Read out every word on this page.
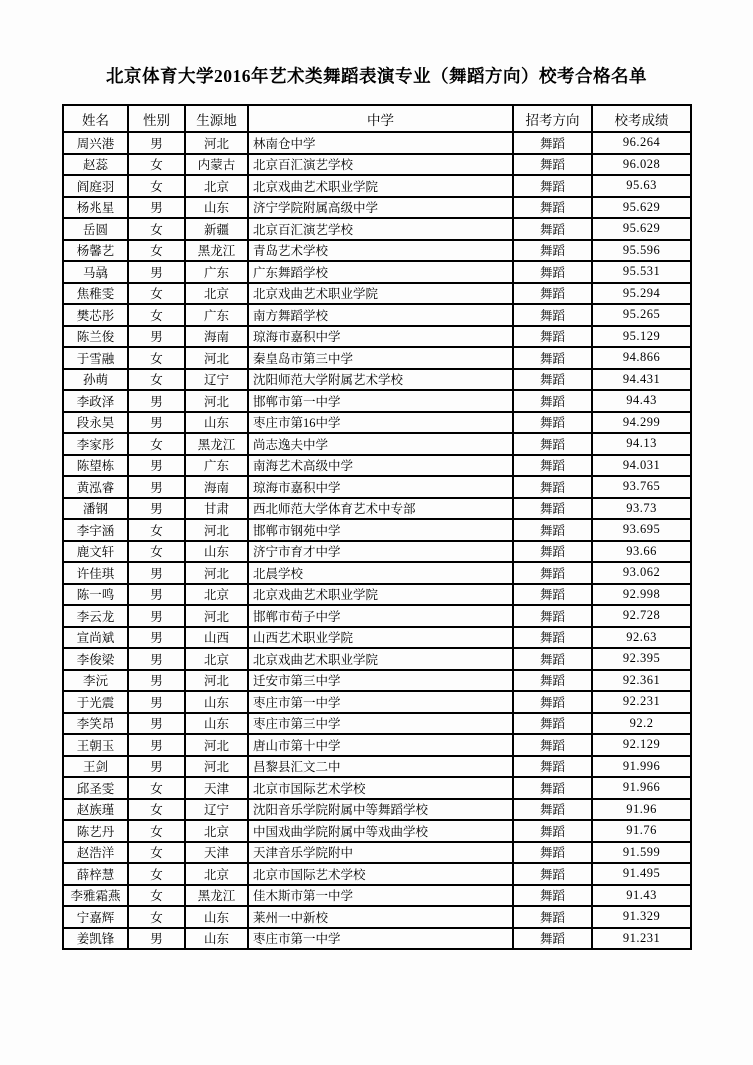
北京体育大学2016年艺术类舞蹈表演专业（舞蹈方向）校考合格名单
姓名	性别	生源地	中学	招考方向	校考成绩
周兴港	男	河北	林南仓中学	舞蹈	96.264
赵蕊	女	内蒙古	北京百汇演艺学校	舞蹈	96.028
阎庭羽	女	北京	北京戏曲艺术职业学院	舞蹈	95.63
杨兆星	男	山东	济宁学院附属高级中学	舞蹈	95.629
岳圆	女	新疆	北京百汇演艺学校	舞蹈	95.629
杨馨艺	女	黑龙江	青岛艺术学校	舞蹈	95.596
马骉	男	广东	广东舞蹈学校	舞蹈	95.531
焦稚雯	女	北京	北京戏曲艺术职业学院	舞蹈	95.294
樊芯彤	女	广东	南方舞蹈学校	舞蹈	95.265
陈兰俊	男	海南	琼海市嘉积中学	舞蹈	95.129
于雪融	女	河北	秦皇岛市第三中学	舞蹈	94.866
孙萌	女	辽宁	沈阳师范大学附属艺术学校	舞蹈	94.431
李政泽	男	河北	邯郸市第一中学	舞蹈	94.43
段永昊	男	山东	枣庄市第16中学	舞蹈	94.299
李家彤	女	黑龙江	尚志逸夫中学	舞蹈	94.13
陈望栋	男	广东	南海艺术高级中学	舞蹈	94.031
黄泓睿	男	海南	琼海市嘉积中学	舞蹈	93.765
潘钢	男	甘肃	西北师范大学体育艺术中专部	舞蹈	93.73
李宇涵	女	河北	邯郸市钢苑中学	舞蹈	93.695
鹿文轩	女	山东	济宁市育才中学	舞蹈	93.66
许佳琪	男	河北	北晨学校	舞蹈	93.062
陈一鸣	男	北京	北京戏曲艺术职业学院	舞蹈	92.998
李云龙	男	河北	邯郸市荀子中学	舞蹈	92.728
宣尚斌	男	山西	山西艺术职业学院	舞蹈	92.63
李俊梁	男	北京	北京戏曲艺术职业学院	舞蹈	92.395
李沅	男	河北	迁安市第三中学	舞蹈	92.361
于光震	男	山东	枣庄市第一中学	舞蹈	92.231
李笑昂	男	山东	枣庄市第三中学	舞蹈	92.2
王朝玉	男	河北	唐山市第十中学	舞蹈	92.129
王剑	男	河北	昌黎县汇文二中	舞蹈	91.996
邱圣雯	女	天津	北京市国际艺术学校	舞蹈	91.966
赵族瑾	女	辽宁	沈阳音乐学院附属中等舞蹈学校	舞蹈	91.96
陈艺丹	女	北京	中国戏曲学院附属中等戏曲学校	舞蹈	91.76
赵浩洋	女	天津	天津音乐学院附中	舞蹈	91.599
薛梓慧	女	北京	北京市国际艺术学校	舞蹈	91.495
李雅霜燕	女	黑龙江	佳木斯市第一中学	舞蹈	91.43
宁嘉辉	女	山东	莱州一中新校	舞蹈	91.329
姜凯锋	男	山东	枣庄市第一中学	舞蹈	91.231
